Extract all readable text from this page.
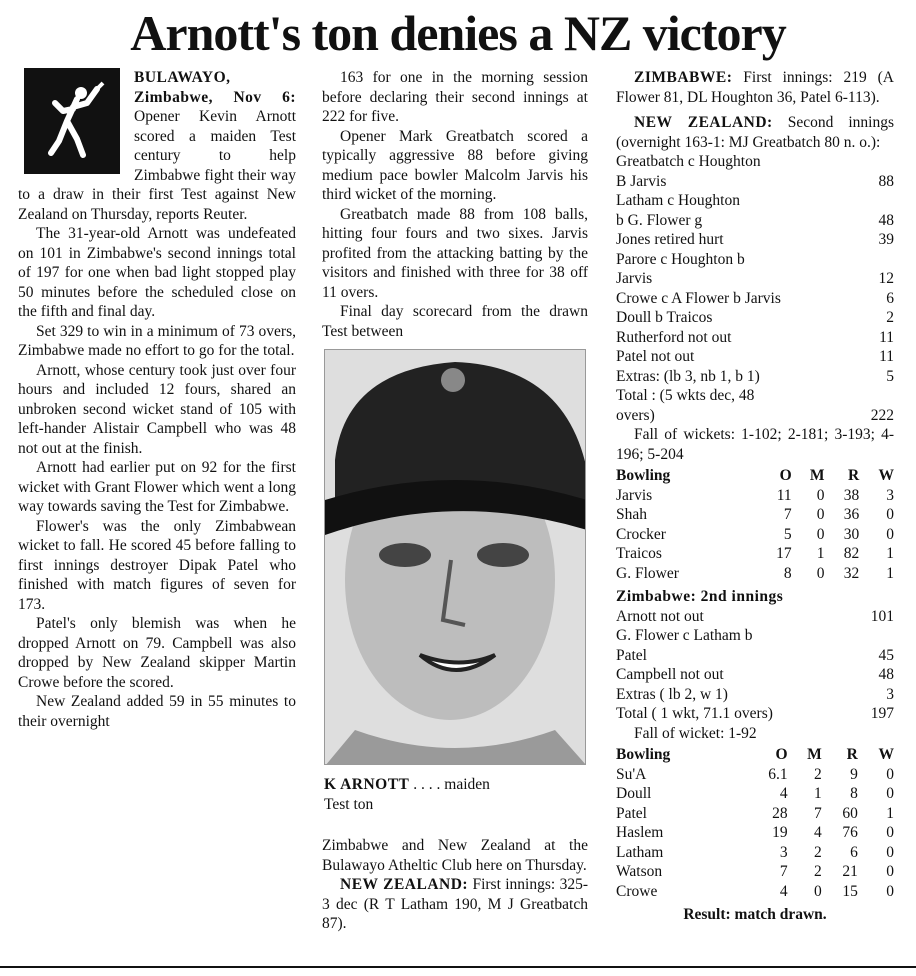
Arnott's ton denies a NZ victory

BULAWAYO, Zimbabwe, Nov 6: Opener Kevin Arnott scored a maiden Test century to help Zimbabwe fight their way to a draw in their first Test against New Zealand on Thursday, reports Reuter.

The 31-year-old Arnott was undefeated on 101 in Zimbabwe's second innings total of 197 for one when bad light stopped play 50 minutes before the scheduled close on the fifth and final day.

Set 329 to win in a minimum of 73 overs, Zimbabwe made no effort to go for the total.

Arnott, whose century took just over four hours and included 12 fours, shared an unbroken second wicket stand of 105 with left-hander Alistair Campbell who was 48 not out at the finish.

Arnott had earlier put on 92 for the first wicket with Grant Flower which went a long way towards saving the Test for Zimbabwe.

Flower's was the only Zimbabwean wicket to fall. He scored 45 before falling to first innings destroyer Dipak Patel who finished with match figures of seven for 173.

Patel's only blemish was when he dropped Arnott on 79. Campbell was also dropped by New Zealand skipper Martin Crowe before the scored.

New Zealand added 59 in 55 minutes to their overnight

163 for one in the morning session before declaring their second innings at 222 for five.

Opener Mark Greatbatch scored a typically aggressive 88 before giving medium pace bowler Malcolm Jarvis his third wicket of the morning.

Greatbatch made 88 from 108 balls, hitting four fours and two sixes. Jarvis profited from the attacking batting by the visitors and finished with three for 38 off 11 overs.

Final day scorecard from the drawn Test between

K ARNOTT . . . . maiden
Test ton

Zimbabwe and New Zealand at the Bulawayo Atheltic Club here on Thursday.

NEW ZEALAND: First innings: 325-3 dec (R T Latham 190, M J Greatbatch 87).

ZIMBABWE: First innings: 219 (A Flower 81, DL Houghton 36, Patel 6-113).

NEW ZEALAND: Second innings (overnight 163-1: MJ Greatbatch 80 n. o.):

Greatbatch c Houghton
B Jarvis	88
Latham c Houghton
b G. Flower g	48
Jones retired hurt	39
Parore c Houghton b
Jarvis	12
Crowe c A Flower b Jarvis	6
Doull b Traicos	2
Rutherford not out	11
Patel not out	11
Extras: (lb 3, nb 1, b 1)	5
Total : (5 wkts dec, 48
overs)	222

Fall of wickets: 1-102; 2-181; 3-193; 4-196; 5-204

Bowling	O	M	R	W
Jarvis	11	0	38	3
Shah	7	0	36	0
Crocker	5	0	30	0
Traicos	17	1	82	1
G. Flower	8	0	32	1

Zimbabwe: 2nd innings

Arnott not out	101
G. Flower c Latham b
Patel	45
Campbell not out	48
Extras ( lb 2, w 1)	3
Total ( 1 wkt, 71.1 overs)	197

Fall of wicket: 1-92

Bowling	O	M	R	W
Su'A	6.1	2	9	0
Doull	4	1	8	0
Patel	28	7	60	1
Haslem	19	4	76	0
Latham	3	2	6	0
Watson	7	2	21	0
Crowe	4	0	15	0

Result: match drawn.
